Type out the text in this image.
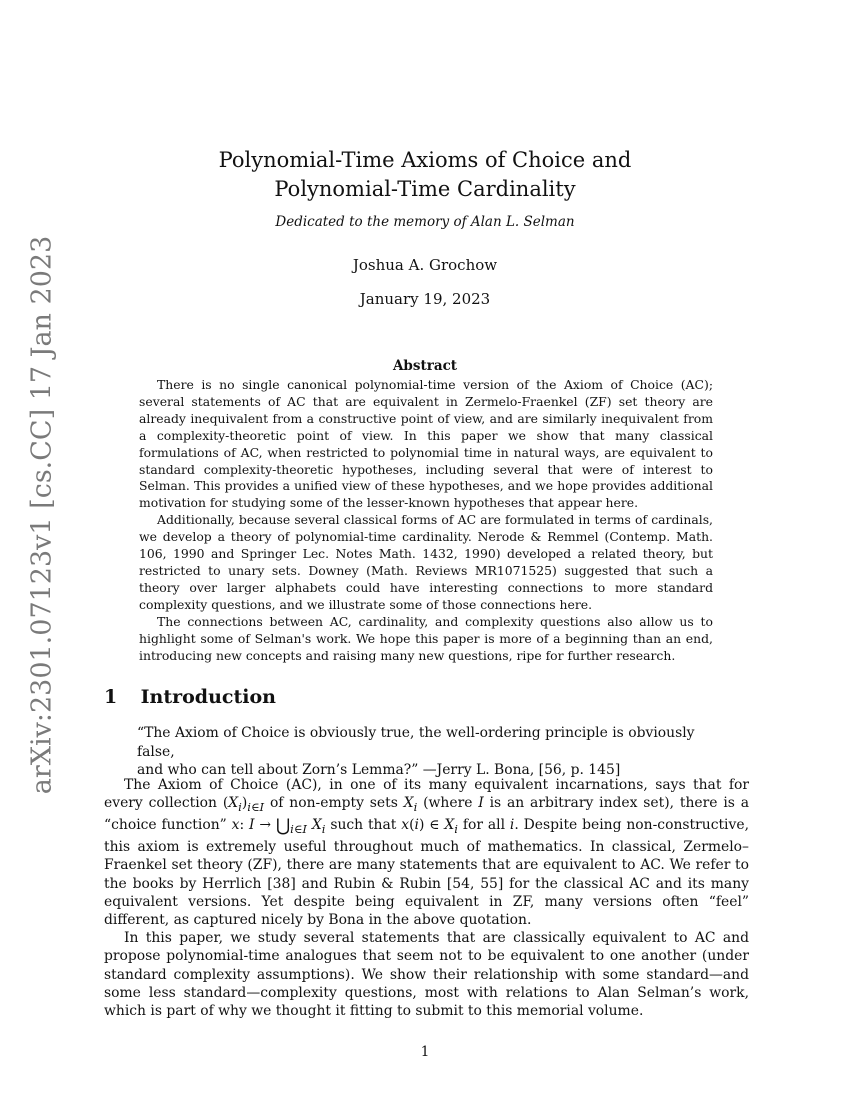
arXiv:2301.07123v1 [cs.CC] 17 Jan 2023
Polynomial-Time Axioms of Choice and
Polynomial-Time Cardinality
Dedicated to the memory of Alan L. Selman
Joshua A. Grochow
January 19, 2023
Abstract

There is no single canonical polynomial-time version of the Axiom of Choice (AC); several statements of AC that are equivalent in Zermelo-Fraenkel (ZF) set theory are already inequivalent from a constructive point of view, and are similarly inequivalent from a complexity-theoretic point of view. In this paper we show that many classical formulations of AC, when restricted to polynomial time in natural ways, are equivalent to standard complexity-theoretic hypotheses, including several that were of interest to Selman. This provides a unified view of these hypotheses, and we hope provides additional motivation for studying some of the lesser-known hypotheses that appear here.

Additionally, because several classical forms of AC are formulated in terms of cardinals, we develop a theory of polynomial-time cardinality. Nerode & Remmel (Contemp. Math. 106, 1990 and Springer Lec. Notes Math. 1432, 1990) developed a related theory, but restricted to unary sets. Downey (Math. Reviews MR1071525) suggested that such a theory over larger alphabets could have interesting connections to more standard complexity questions, and we illustrate some of those connections here.

The connections between AC, cardinality, and complexity questions also allow us to highlight some of Selman's work. We hope this paper is more of a beginning than an end, introducing new concepts and raising many new questions, ripe for further research.

1 Introduction
“The Axiom of Choice is obviously true, the well-ordering principle is obviously false,
and who can tell about Zorn’s Lemma?” —Jerry L. Bona, [56, p. 145]

The Axiom of Choice (AC), in one of its many equivalent incarnations, says that for every collection $(X_i)_{i\in I}$ of non-empty sets $X_i$ (where I is an arbitrary index set), there is a “choice function” x: $I \to ⋃_{i\in I}$ $X_i$ such that x(i) ∈ $X_i$ for all i. Despite being non-constructive, this axiom is extremely useful throughout much of mathematics. In classical, Zermelo–Fraenkel set theory (ZF), there are many statements that are equivalent to AC. We refer to the books by Herrlich [38] and Rubin & Rubin [54, 55] for the classical AC and its many equivalent versions. Yet despite being equivalent in ZF, many versions often “feel” different, as captured nicely by Bona in the above quotation.

In this paper, we study several statements that are classically equivalent to AC and propose polynomial-time analogues that seem not to be equivalent to one another (under standard complexity assumptions). We show their relationship with some standard—and some less standard—complexity questions, most with relations to Alan Selman’s work, which is part of why we thought it fitting to submit to this memorial volume.

1
